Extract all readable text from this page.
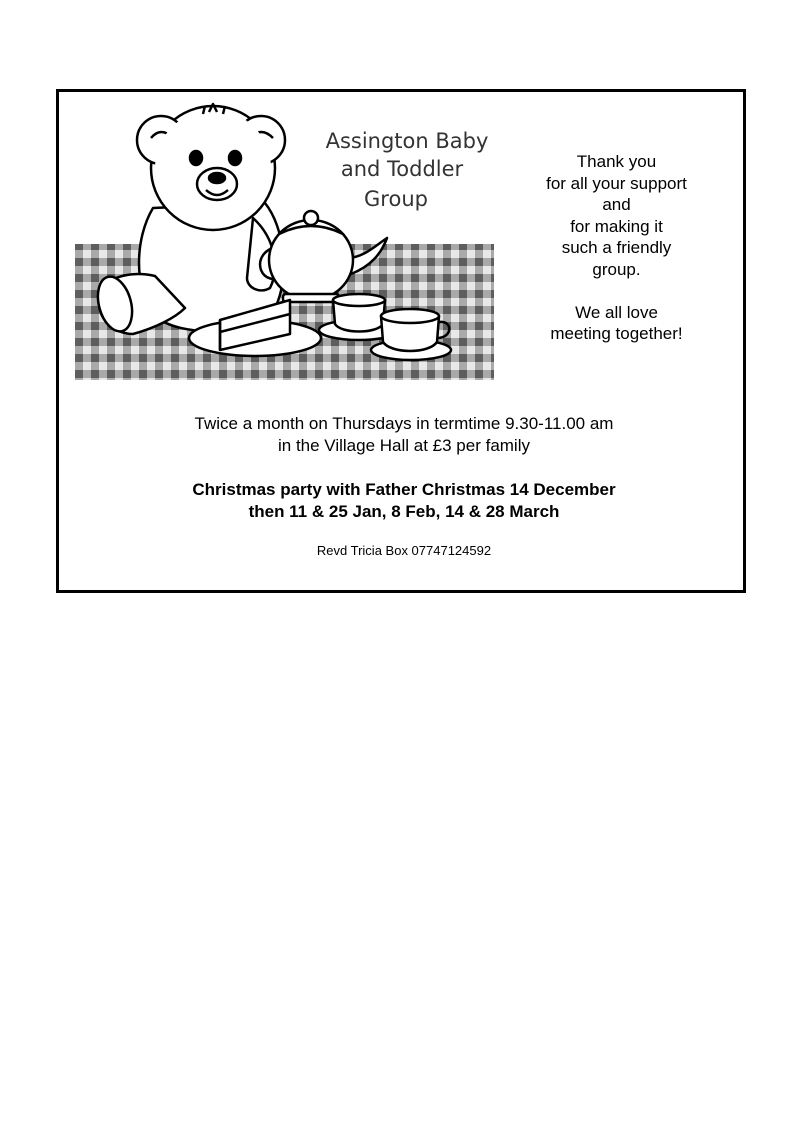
Assington Baby
and Toddler
Group

Thank you

for all your support

and

for making it

such a friendly

group.

We all love

meeting together!

Twice a month on Thursdays in termtime 9.30-11.00 am

in the Village Hall at £3 per family

Christmas party with Father Christmas 14 December

then 11 & 25 Jan, 8 Feb, 14 & 28 March

Revd Tricia Box 07747124592
